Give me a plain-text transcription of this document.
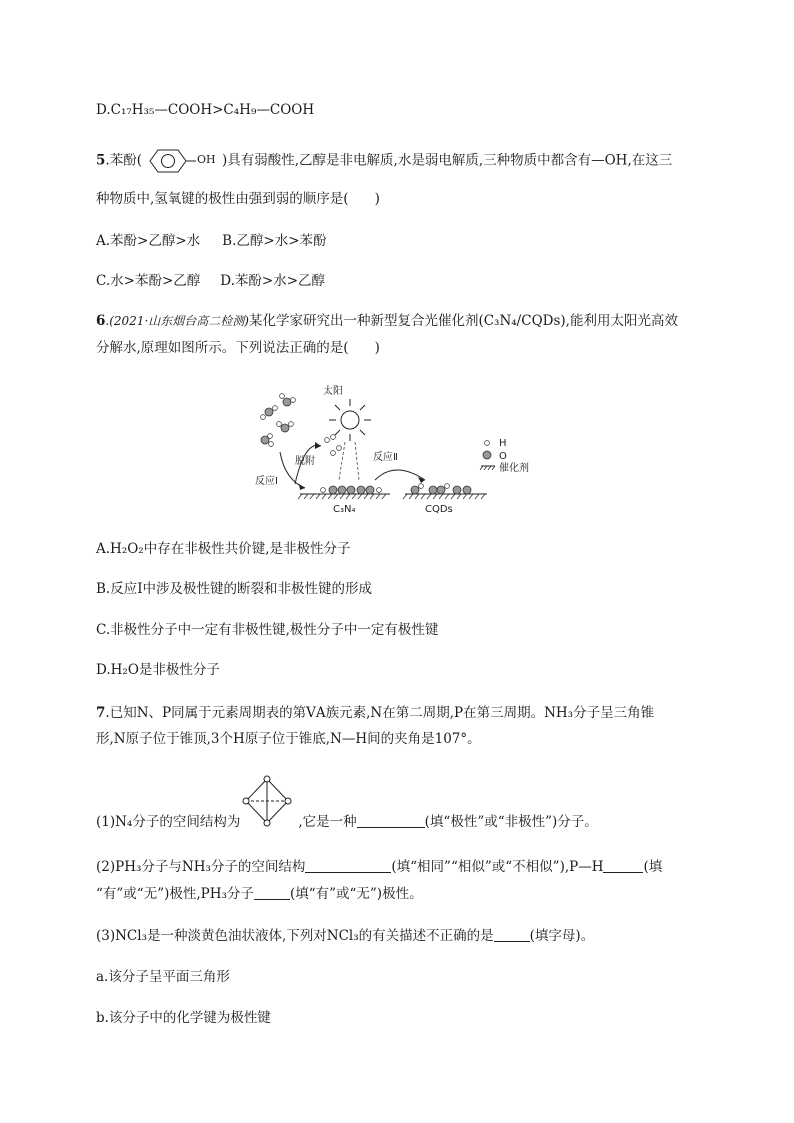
D.C₁₇H₃₅—COOH>C₄H₉—COOH
5.苯酚(	OH )具有弱酸性,乙醇是非电解质,水是弱电解质,三种物质中都含有—OH,在这三
种物质中,氢氧键的极性由强到弱的顺序是( )
A.苯酚>乙醇>水 B.乙醇>水>苯酚
C.水>苯酚>乙醇 D.苯酚>水>乙醇
6.(2021·山东烟台高二检测)某化学家研究出一种新型复合光催化剂(C₃N₄/CQDs),能利用太阳光高效
分解水,原理如图所示。下列说法正确的是( )
太阳
反应Ⅰ
脱附
C₃N₄
反应Ⅱ
CQDs
H
O
催化剂
A.H₂O₂中存在非极性共价键,是非极性分子
B.反应Ⅰ中涉及极性键的断裂和非极性键的形成
C.非极性分子中一定有非极性键,极性分子中一定有极性键
D.H₂O是非极性分子
7.已知N、P同属于元素周期表的第ⅤA族元素,N在第二周期,P在第三周期。NH₃分子呈三角锥
形,N原子位于锥顶,3个H原子位于锥底,N—H间的夹角是107°。
(1)N₄分子的空间结构为	,它是一种	(填“极性”或“非极性”)分子。
(2)PH₃分子与NH₃分子的空间结构	(填“相同”“相似”或“不相似”),P—H	(填
“有”或“无”)极性,PH₃分子	(填“有”或“无”)极性。
(3)NCl₃是一种淡黄色油状液体,下列对NCl₃的有关描述不正确的是	(填字母)。
a.该分子呈平面三角形
b.该分子中的化学键为极性键
